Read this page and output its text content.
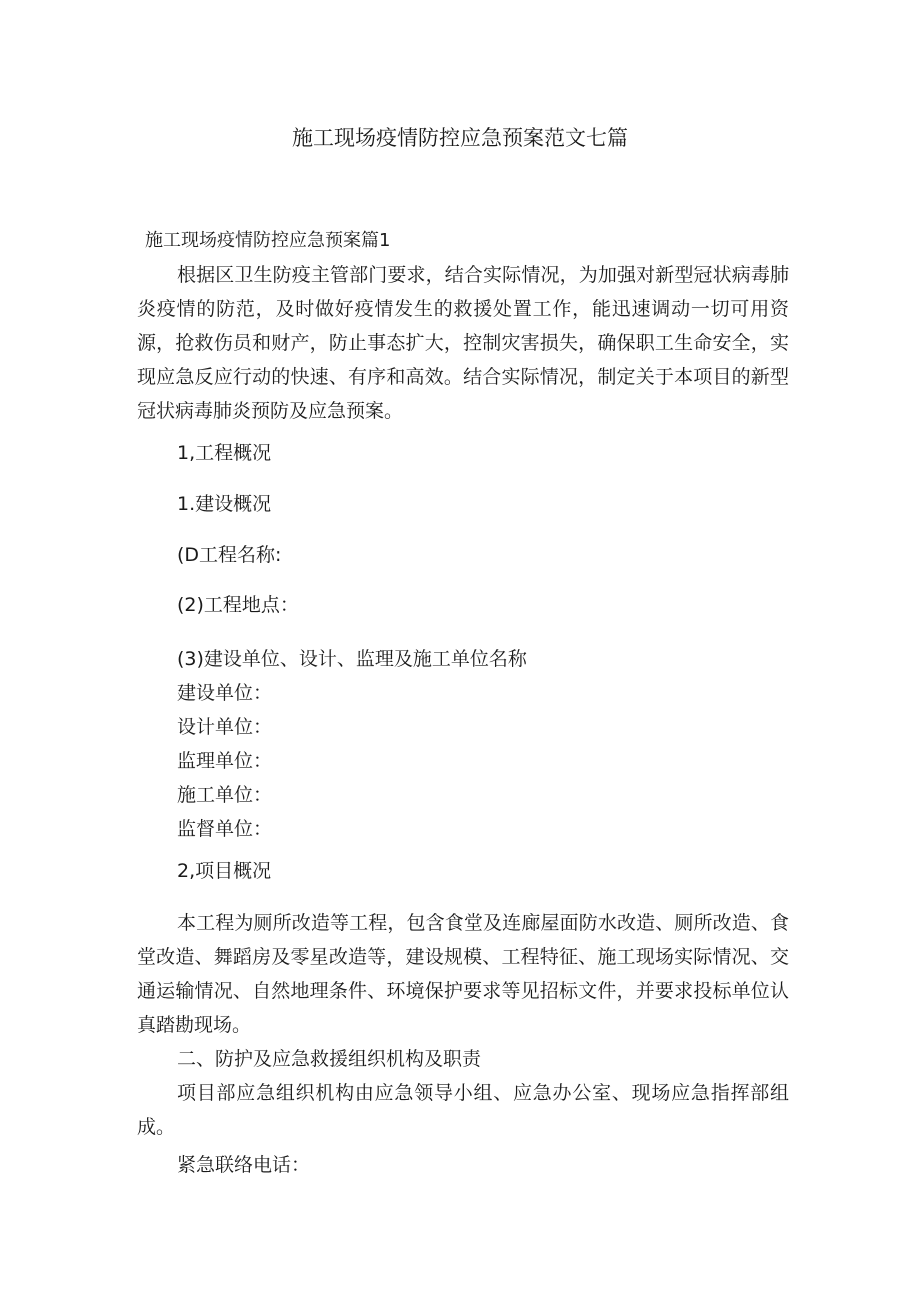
施工现场疫情防控应急预案范文七篇
施工现场疫情防控应急预案篇1

根据区卫生防疫主管部门要求，结合实际情况，为加强对新型冠状病毒肺炎疫情的防范，及时做好疫情发生的救援处置工作，能迅速调动一切可用资源，抢救伤员和财产，防止事态扩大，控制灾害损失，确保职工生命安全，实现应急反应行动的快速、有序和高效。结合实际情况，制定关于本项目的新型冠状病毒肺炎预防及应急预案。

1,工程概况

1.建设概况

(D工程名称:

(2)工程地点：

(3)建设单位、设计、监理及施工单位名称

建设单位：

设计单位：

监理单位：

施工单位：

监督单位：

2,项目概况

本工程为厕所改造等工程，包含食堂及连廊屋面防水改造、厕所改造、食堂改造、舞蹈房及零星改造等，建设规模、工程特征、施工现场实际情况、交通运输情况、自然地理条件、环境保护要求等见招标文件，并要求投标单位认真踏勘现场。

二、防护及应急救援组织机构及职责

项目部应急组织机构由应急领导小组、应急办公室、现场应急指挥部组成。

紧急联络电话：
